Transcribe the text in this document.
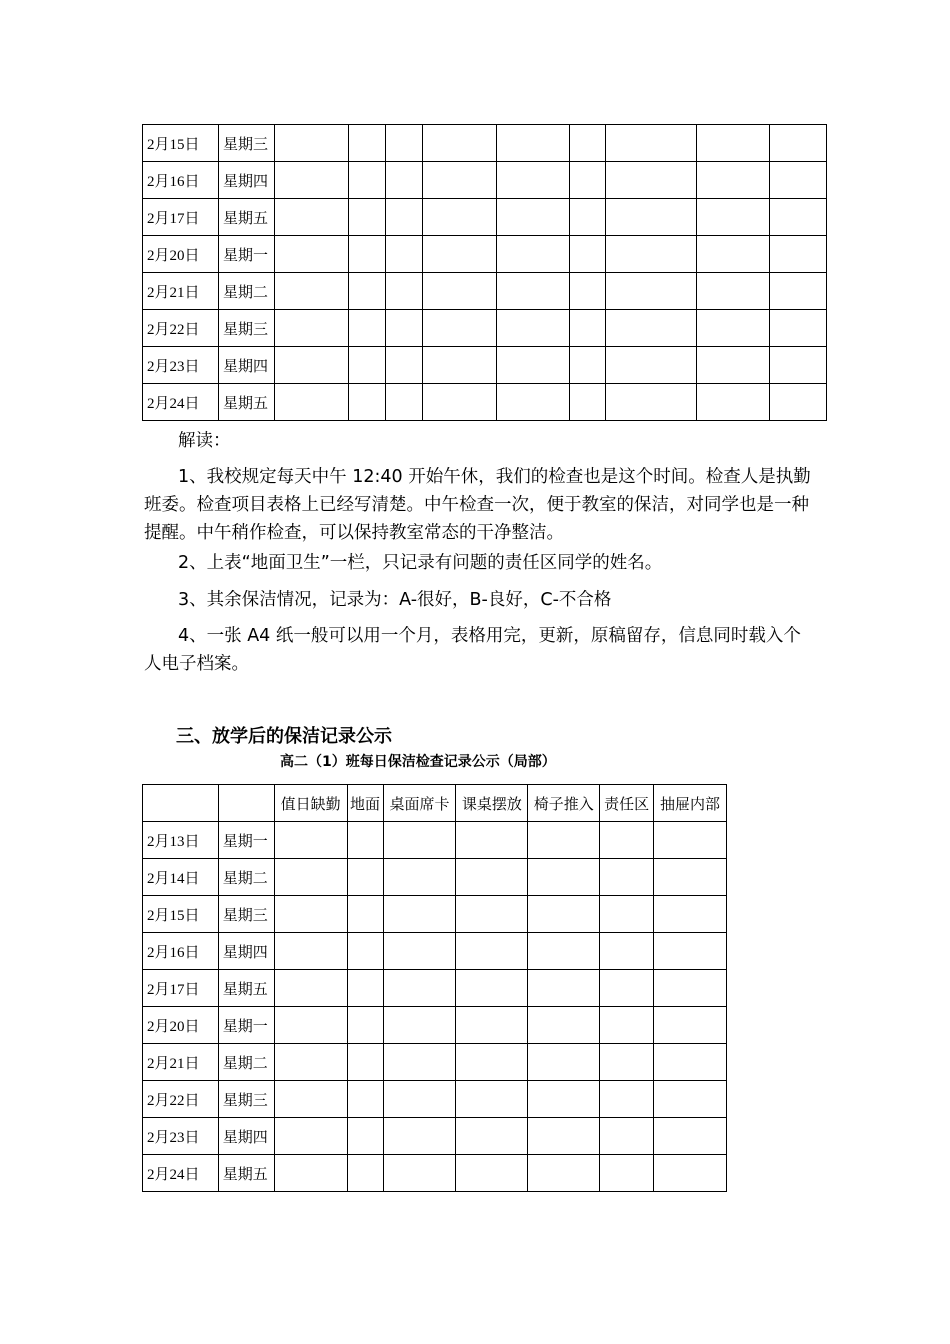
2月15日	星期三									
2月16日	星期四									
2月17日	星期五									
2月20日	星期一									
2月21日	星期二									
2月22日	星期三									
2月23日	星期四									
2月24日	星期五									

解读：

1、我校规定每天中午 12:40 开始午休，我们的检查也是这个时间。检查人是执勤班委。检查项目表格上已经写清楚。中午检查一次，便于教室的保洁，对同学也是一种提醒。中午稍作检查，可以保持教室常态的干净整洁。

2、上表“地面卫生”一栏，只记录有问题的责任区同学的姓名。

3、其余保洁情况，记录为：A-很好，B-良好，C-不合格

4、一张 A4 纸一般可以用一个月，表格用完，更新，原稿留存，信息同时载入个人电子档案。

三、放学后的保洁记录公示
高二（1）班每日保洁检查记录公示（局部）
		值日缺勤	地面	桌面席卡	课桌摆放	椅子推入	责任区	抽屉内部
2月13日	星期一							
2月14日	星期二							
2月15日	星期三							
2月16日	星期四							
2月17日	星期五							
2月20日	星期一							
2月21日	星期二							
2月22日	星期三							
2月23日	星期四							
2月24日	星期五							
